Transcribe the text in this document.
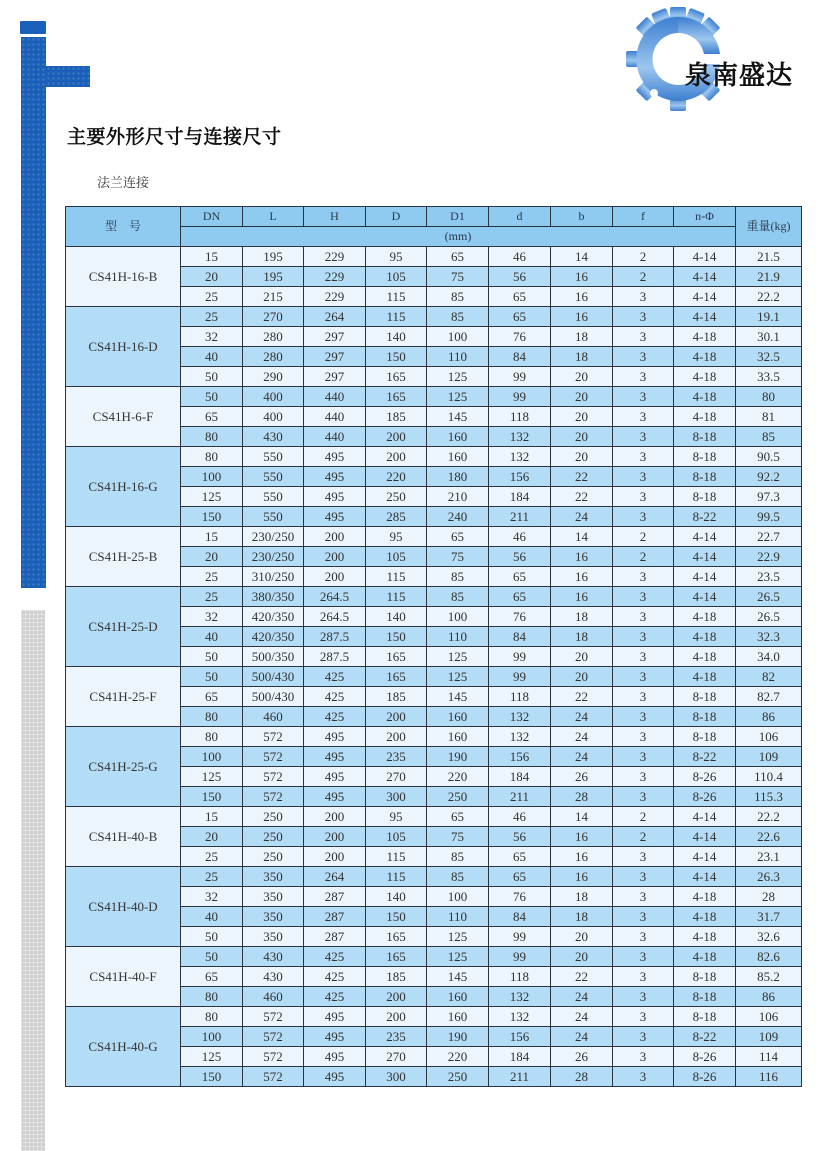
泉南盛达
主要外形尺寸与连接尺寸
法兰连接
型　号	DN	L	H	D	D1	d	b	f	n-Φ	重量(kg)
	(mm)									
CS41H-16-B	15	195	229	95	65	46	14	2	4-14	21.5
	20	195	229	105	75	56	16	2	4-14	21.9
	25	215	229	115	85	65	16	3	4-14	22.2
CS41H-16-D	25	270	264	115	85	65	16	3	4-14	19.1
	32	280	297	140	100	76	18	3	4-18	30.1
	40	280	297	150	110	84	18	3	4-18	32.5
	50	290	297	165	125	99	20	3	4-18	33.5
CS41H-6-F	50	400	440	165	125	99	20	3	4-18	80
	65	400	440	185	145	118	20	3	4-18	81
	80	430	440	200	160	132	20	3	8-18	85
CS41H-16-G	80	550	495	200	160	132	20	3	8-18	90.5
	100	550	495	220	180	156	22	3	8-18	92.2
	125	550	495	250	210	184	22	3	8-18	97.3
	150	550	495	285	240	211	24	3	8-22	99.5
CS41H-25-B	15	230/250	200	95	65	46	14	2	4-14	22.7
	20	230/250	200	105	75	56	16	2	4-14	22.9
	25	310/250	200	115	85	65	16	3	4-14	23.5
CS41H-25-D	25	380/350	264.5	115	85	65	16	3	4-14	26.5
	32	420/350	264.5	140	100	76	18	3	4-18	26.5
	40	420/350	287.5	150	110	84	18	3	4-18	32.3
	50	500/350	287.5	165	125	99	20	3	4-18	34.0
CS41H-25-F	50	500/430	425	165	125	99	20	3	4-18	82
	65	500/430	425	185	145	118	22	3	8-18	82.7
	80	460	425	200	160	132	24	3	8-18	86
CS41H-25-G	80	572	495	200	160	132	24	3	8-18	106
	100	572	495	235	190	156	24	3	8-22	109
	125	572	495	270	220	184	26	3	8-26	110.4
	150	572	495	300	250	211	28	3	8-26	115.3
CS41H-40-B	15	250	200	95	65	46	14	2	4-14	22.2
	20	250	200	105	75	56	16	2	4-14	22.6
	25	250	200	115	85	65	16	3	4-14	23.1
CS41H-40-D	25	350	264	115	85	65	16	3	4-14	26.3
	32	350	287	140	100	76	18	3	4-18	28
	40	350	287	150	110	84	18	3	4-18	31.7
	50	350	287	165	125	99	20	3	4-18	32.6
CS41H-40-F	50	430	425	165	125	99	20	3	4-18	82.6
	65	430	425	185	145	118	22	3	8-18	85.2
	80	460	425	200	160	132	24	3	8-18	86
CS41H-40-G	80	572	495	200	160	132	24	3	8-18	106
	100	572	495	235	190	156	24	3	8-22	109
	125	572	495	270	220	184	26	3	8-26	114
	150	572	495	300	250	211	28	3	8-26	116
